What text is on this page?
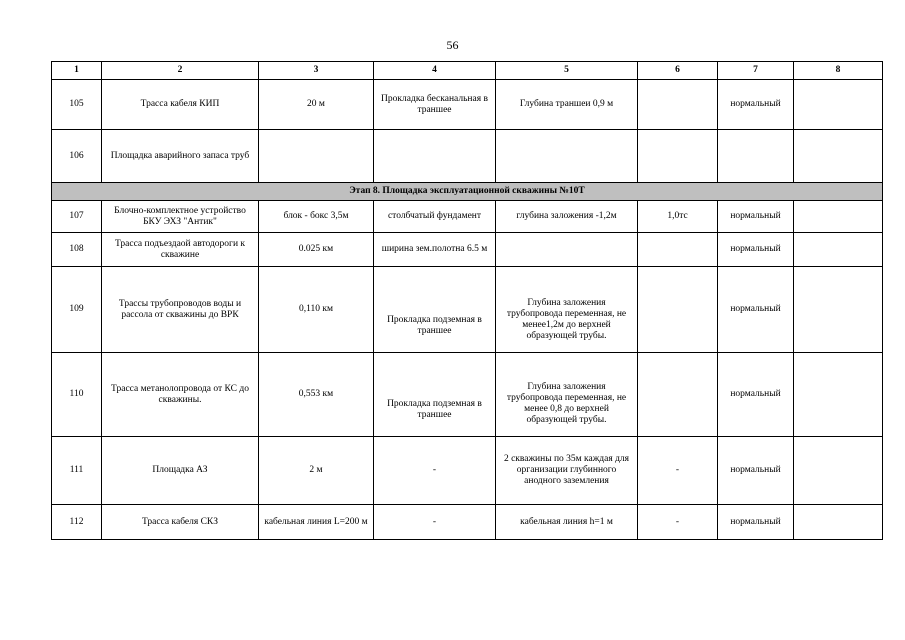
56
1	2	3	4	5	6	7	8
105	Трасса кабеля КИП	20 м	Прокладка бесканальная в траншее	Глубина траншеи 0,9 м		нормальный	
106	Площадка аварийного запаса труб						
Этап 8. Площадка эксплуатационной скважины №10Т							
107	Блочно-комплектное устройство БКУ ЭХЗ "Антик"	блок - бокс 3,5м	столбчатый фундамент	глубина заложения -1,2м	1,0тс	нормальный	
108	Трасса подъездаой автодороги к скважине	0.025 км	ширина зем.полотна 6.5 м			нормальный	
109	Трассы трубопроводов воды и рассола от скважины до ВРК	0,110 км	Прокладка подземная в траншее	Глубина заложения трубопровода переменная, не менее1,2м до верхней образующей трубы.		нормальный	
110	Трасса метанолопровода от КС до скважины.	0,553 км	Прокладка подземная в траншее	Глубина заложения трубопровода переменная, не менее 0,8 до верхней образующей трубы.		нормальный	
111	Площадка АЗ	2 м	-	2 скважины по 35м каждая для организации глубинного анодного заземления	-	нормальный	
112	Трасса кабеля СКЗ	кабельная линия L=200 м	-	кабельная линия h=1 м	-	нормальный	
